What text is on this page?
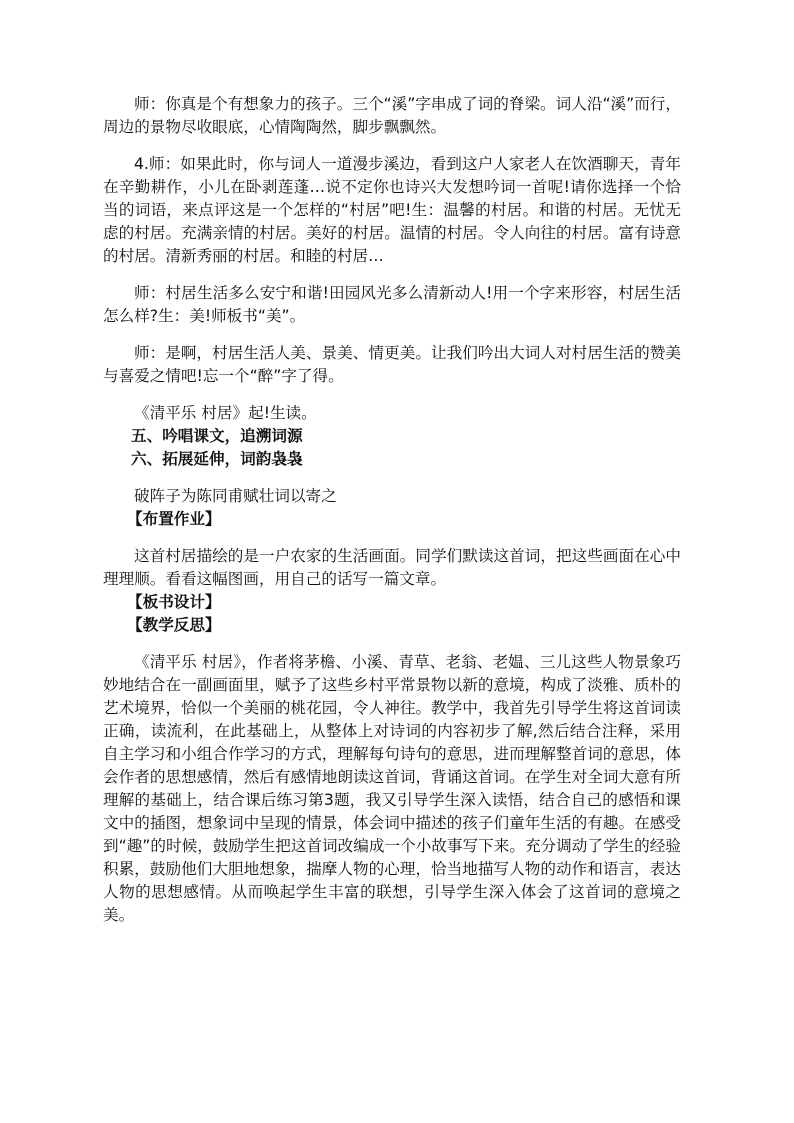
师：你真是个有想象力的孩子。三个“溪”字串成了词的脊梁。词人沿“溪”而行，周边的景物尽收眼底，心情陶陶然，脚步飘飘然。

4.师：如果此时，你与词人一道漫步溪边，看到这户人家老人在饮酒聊天，青年在辛勤耕作，小儿在卧剥莲蓬…说不定你也诗兴大发想吟词一首呢!请你选择一个恰当的词语，来点评这是一个怎样的“村居”吧!生：温馨的村居。和谐的村居。无忧无虑的村居。充满亲情的村居。美好的村居。温情的村居。令人向往的村居。富有诗意的村居。清新秀丽的村居。和睦的村居…

师：村居生活多么安宁和谐!田园风光多么清新动人!用一个字来形容，村居生活怎么样?生：美!师板书“美”。

师：是啊，村居生活人美、景美、情更美。让我们吟出大词人对村居生活的赞美与喜爱之情吧!忘一个“醉”字了得。

《清平乐 村居》起!生读。

五、吟唱课文，追溯词源

六、拓展延伸，词韵袅袅

破阵子为陈同甫赋壮词以寄之

【布置作业】

这首村居描绘的是一户农家的生活画面。同学们默读这首词，把这些画面在心中理理顺。看看这幅图画，用自己的话写一篇文章。

【板书设计】

【教学反思】

《清平乐 村居》，作者将茅檐、小溪、青草、老翁、老媪、三儿这些人物景象巧妙地结合在一副画面里，赋予了这些乡村平常景物以新的意境，构成了淡雅、质朴的艺术境界，恰似一个美丽的桃花园，令人神往。教学中，我首先引导学生将这首词读正确，读流利，在此基础上，从整体上对诗词的内容初步了解,然后结合注释，采用自主学习和小组合作学习的方式，理解每句诗句的意思，进而理解整首词的意思，体会作者的思想感情，然后有感情地朗读这首词，背诵这首词。在学生对全词大意有所理解的基础上，结合课后练习第3题，我又引导学生深入读悟，结合自己的感悟和课文中的插图，想象词中呈现的情景，体会词中描述的孩子们童年生活的有趣。在感受到“趣”的时候，鼓励学生把这首词改编成一个小故事写下来。充分调动了学生的经验积累，鼓励他们大胆地想象，揣摩人物的心理，恰当地描写人物的动作和语言，表达人物的思想感情。从而唤起学生丰富的联想，引导学生深入体会了这首词的意境之美。
